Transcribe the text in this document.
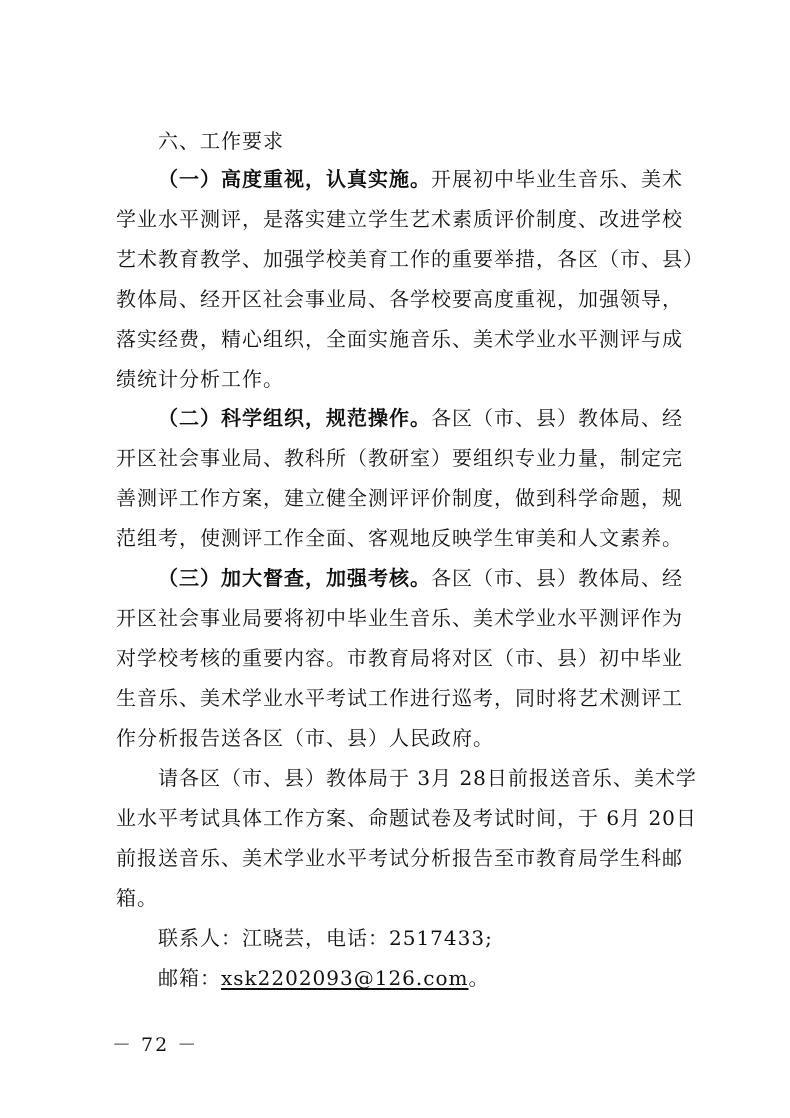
六、工作要求
（一）高度重视，认真实施。开展初中毕业生音乐、美术
学业水平测评，是落实建立学生艺术素质评价制度、改进学校
艺术教育教学、加强学校美育工作的重要举措，各区（市、县）
教体局、经开区社会事业局、各学校要高度重视，加强领导，
落实经费，精心组织，全面实施音乐、美术学业水平测评与成
绩统计分析工作。
（二）科学组织，规范操作。各区（市、县）教体局、经
开区社会事业局、教科所（教研室）要组织专业力量，制定完
善测评工作方案，建立健全测评评价制度，做到科学命题，规
范组考，使测评工作全面、客观地反映学生审美和人文素养。
（三）加大督查，加强考核。各区（市、县）教体局、经
开区社会事业局要将初中毕业生音乐、美术学业水平测评作为
对学校考核的重要内容。市教育局将对区（市、县）初中毕业
生音乐、美术学业水平考试工作进行巡考，同时将艺术测评工
作分析报告送各区（市、县）人民政府。
请各区（市、县）教体局于 3月 28日前报送音乐、美术学
业水平考试具体工作方案、命题试卷及考试时间，于 6月 20日
前报送音乐、美术学业水平考试分析报告至市教育局学生科邮
箱。
联系人：江晓芸，电话：2517433;
邮箱：xsk2202093@126.com。
－ 72 －
